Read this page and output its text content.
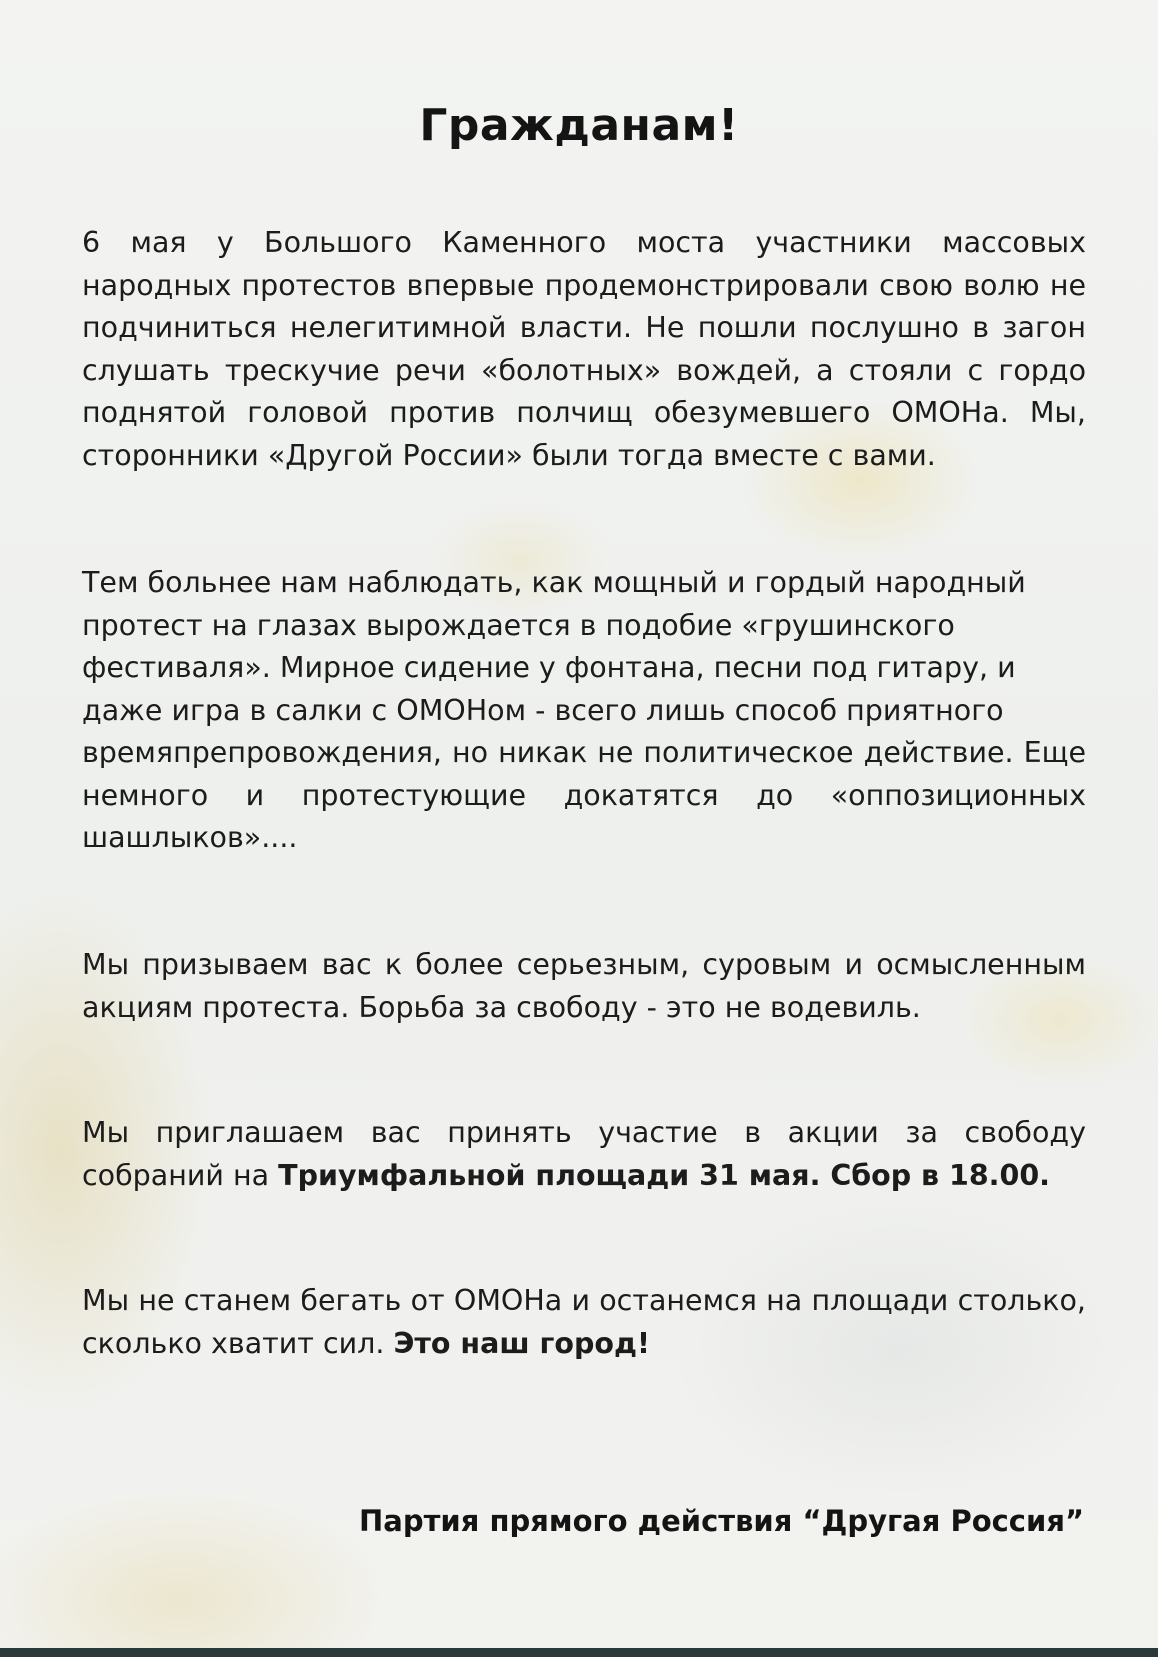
Гражданам!

6 мая у Большого Каменного моста участники массовых народных протестов впервые продемонстрировали свою волю не подчиниться нелегитимной власти. Не пошли послушно в загон слушать трескучие речи «болотных» вождей, а стояли с гордо поднятой головой против полчищ обезумевшего ОМОНа. Мы, сторонники «Другой России» были тогда вместе с вами.

Тем больнее нам наблюдать, как мощный и гордый народный протест на глазах вырождается в подобие «грушинского фестиваля». Мирное сидение у фонтана, песни под гитару, и даже игра в салки с ОМОНом - всего лишь способ приятного

времяпрепровождения, но никак не политическое действие. Еще немного и протестующие докатятся до «оппозиционных шашлыков»....

Мы призываем вас к более серьезным, суровым и осмысленным акциям протеста. Борьба за свободу - это не водевиль.

Мы приглашаем вас принять участие в акции за свободу собраний на Триумфальной площади 31 мая. Сбор в 18.00.

Мы не станем бегать от ОМОНа и останемся на площади столько, сколько хватит сил. Это наш город!

Партия прямого действия “Другая Россия”
